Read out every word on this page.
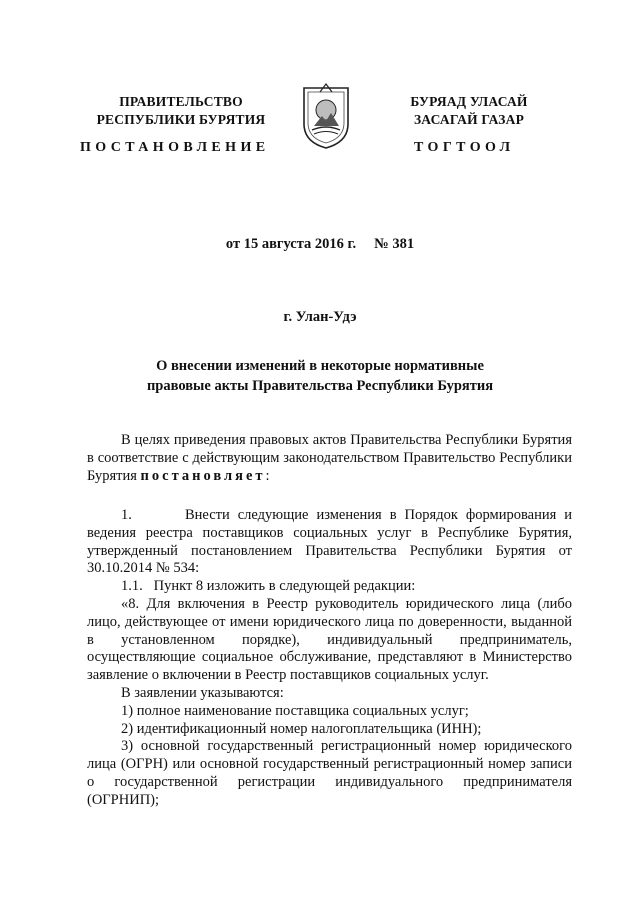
ПРАВИТЕЛЬСТВО
РЕСПУБЛИКИ БУРЯТИЯ
БУРЯАД УЛАСАЙ
ЗАСАГАЙ ГАЗАР
ПОСТАНОВЛЕНИЕ	ТОГТООЛ
от 15 августа 2016 г. № 381
г. Улан-Удэ
О внесении изменений в некоторые нормативные
правовые акты Правительства Республики Бурятия

В целях приведения правовых актов Правительства Республики Бурятия в соответствие с действующим законодательством Правительство Республики Бурятия постановляет:

1.	Внести следующие изменения в Порядок формирования и ведения реестра поставщиков социальных услуг в Республике Бурятия, утвержденный постановлением Правительства Республики Бурятия от 30.10.2014 № 534:

1.1. Пункт 8 изложить в следующей редакции:

«8. Для включения в Реестр руководитель юридического лица (либо лицо, действующее от имени юридического лица по доверенности, выданной в установленном порядке), индивидуальный предприниматель, осуществляющие социальное обслуживание, представляют в Министерство заявление о включении в Реестр поставщиков социальных услуг.

В заявлении указываются:

1) полное наименование поставщика социальных услуг;

2) идентификационный номер налогоплательщика (ИНН);

3) основной государственный регистрационный номер юридического лица (ОГРН) или основной государственный регистрационный номер записи о государственной регистрации индивидуального предпринимателя (ОГРНИП);
